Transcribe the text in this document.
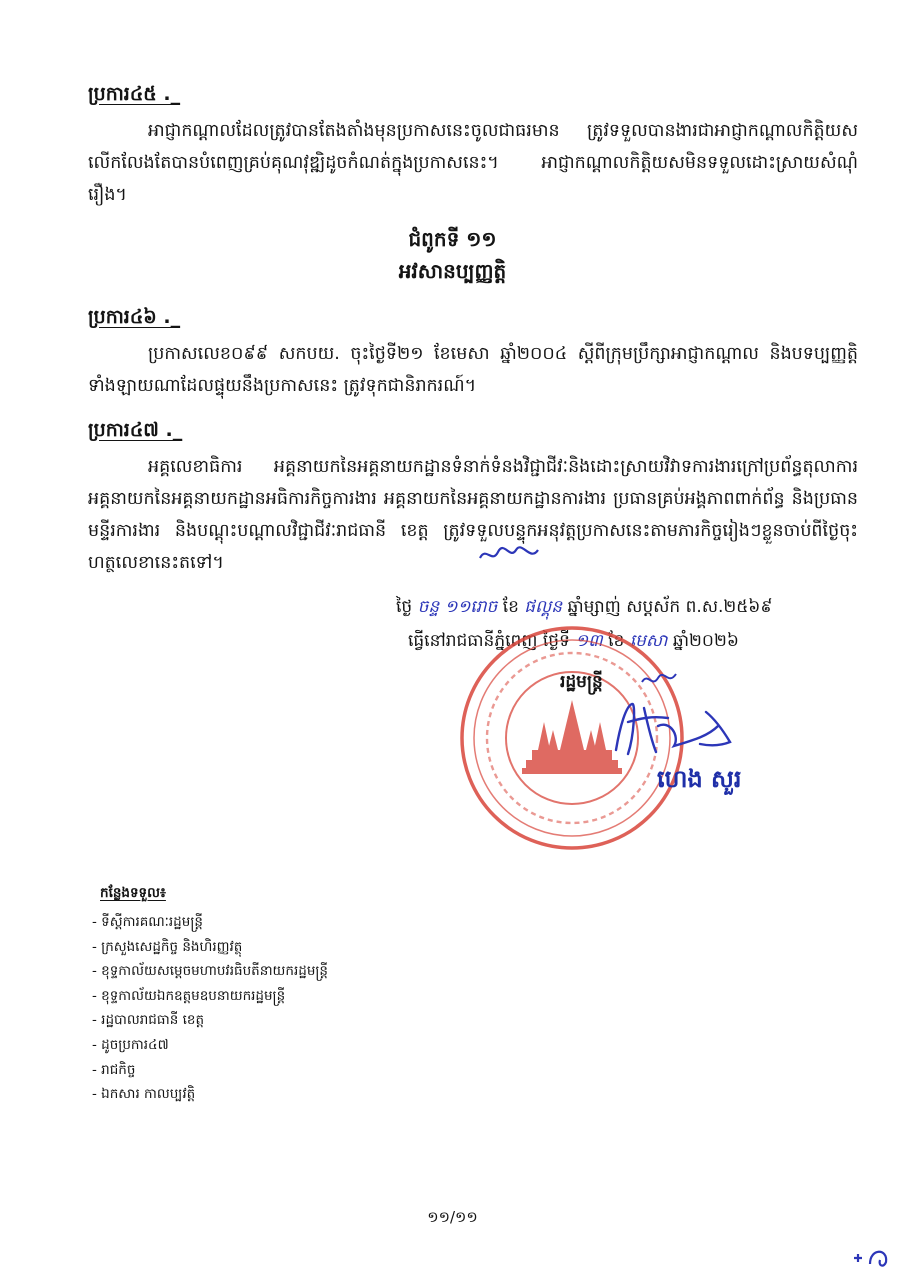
ប្រការ៤៥ ._

អាជ្ញាកណ្តាលដែលត្រូវបានតែងតាំងមុនប្រកាសនេះចូលជាធរមាន ត្រូវទទួលបានងារជាអាជ្ញាកណ្តាលកិត្តិយស លើកលែងតែបានបំពេញគ្រប់គុណវុឌ្ឍិដូចកំណត់ក្នុងប្រកាសនេះ។ អាជ្ញាកណ្តាលកិត្តិយសមិនទទួលដោះស្រាយសំណុំរឿង។

ជំពូកទី ១១
អវសានប្បញ្ញត្តិ
ប្រការ៤៦ ._

ប្រកាសលេខ០៩៩ សកបយ. ចុះថ្ងៃទី២១ ខែមេសា ឆ្នាំ២០០៤ ស្តីពីក្រុមប្រឹក្សាអាជ្ញាកណ្តាល និងបទប្បញ្ញត្តិទាំងឡាយណាដែលផ្ទុយនឹងប្រកាសនេះ ត្រូវទុកជានិរាករណ៍។

ប្រការ៤៧ ._

អគ្គលេខាធិការ អគ្គនាយកនៃអគ្គនាយកដ្ឋានទំនាក់ទំនងវិជ្ជាជីវៈនិងដោះស្រាយវិវាទការងារក្រៅប្រព័ន្ធតុលាការ អគ្គនាយកនៃអគ្គនាយកដ្ឋានអធិការកិច្ចការងារ អគ្គនាយកនៃអគ្គនាយកដ្ឋានការងារ ប្រធានគ្រប់អង្គភាពពាក់ព័ន្ធ និងប្រធានមន្ទីរការងារ និងបណ្តុះបណ្តាលវិជ្ជាជីវៈរាជធានី ខេត្ត ត្រូវទទួលបន្ទុកអនុវត្តប្រកាសនេះតាមភារកិច្ចរៀងៗខ្លួនចាប់ពីថ្ងៃចុះហត្ថលេខានេះតទៅ។

ថ្ងៃ ចន្ទ ១១រោច ខែ ផល្គុន ឆ្នាំម្សាញ់ សប្តស័ក ព.ស.២៥៦៩
ធ្វើនៅរាជធានីភ្នំពេញ ថ្ងៃទី ១៣ ខែ មេសា ឆ្នាំ២០២៦
រដ្ឋមន្ត្រី
ហេង សួរ
កន្លែងទទួល៖
- ទីស្តីការគណៈរដ្ឋមន្ត្រី
- ក្រសួងសេដ្ឋកិច្ច និងហិរញ្ញវត្ថុ
- ខុទ្ទកាល័យសម្តេចមហាបវរធិបតីនាយករដ្ឋមន្ត្រី
- ខុទ្ទកាល័យឯកឧត្តមឧបនាយករដ្ឋមន្ត្រី
- រដ្ឋបាលរាជធានី ខេត្ត
- ដូចប្រការ៤៧
- រាជកិច្ច
- ឯកសារ កាលប្បវត្តិ
១១/១១
